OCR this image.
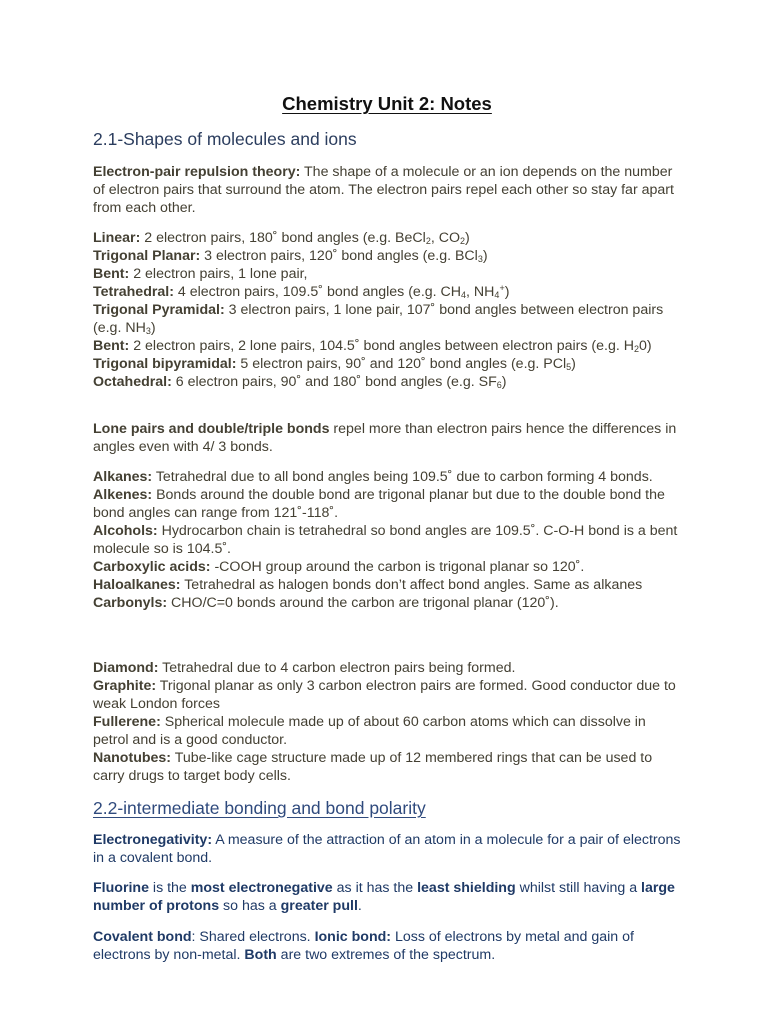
Chemistry Unit 2: Notes
2.1-Shapes of molecules and ions

Electron-pair repulsion theory: The shape of a molecule or an ion depends on the number of electron pairs that surround the atom. The electron pairs repel each other so stay far apart from each other.

Linear: 2 electron pairs, 180˚ bond angles (e.g. BeCl$_2$, $CO_2$)

Trigonal Planar: 3 electron pairs, 120˚ bond angles (e.g. BCl$_3$)

Bent: 2 electron pairs, 1 lone pair,

Tetrahedral: 4 electron pairs, 109.5˚ bond angles (e.g. $CH_4$, $NH_4^+$)

Trigonal Pyramidal: 3 electron pairs, 1 lone pair, 107˚ bond angles between electron pairs (e.g. $NH_3$)

Bent: 2 electron pairs, 2 lone pairs, 104.5˚ bond angles between electron pairs (e.g. $H_20$)

Trigonal bipyramidal: 5 electron pairs, 90˚ and 120˚ bond angles (e.g. PCl$_5$)

Octahedral: 6 electron pairs, 90˚ and 180˚ bond angles (e.g. $SF_6$)

Lone pairs and double/triple bonds repel more than electron pairs hence the differences in angles even with 4/ 3 bonds.

Alkanes: Tetrahedral due to all bond angles being 109.5˚ due to carbon forming 4 bonds.

Alkenes: Bonds around the double bond are trigonal planar but due to the double bond the bond angles can range from 121˚-118˚.

Alcohols: Hydrocarbon chain is tetrahedral so bond angles are 109.5˚. C-O-H bond is a bent molecule so is 104.5˚.

Carboxylic acids: -COOH group around the carbon is trigonal planar so 120˚.

Haloalkanes: Tetrahedral as halogen bonds don’t affect bond angles. Same as alkanes

Carbonyls: CHO/C=0 bonds around the carbon are trigonal planar (120˚).

Diamond: Tetrahedral due to 4 carbon electron pairs being formed.

Graphite: Trigonal planar as only 3 carbon electron pairs are formed. Good conductor due to weak London forces

Fullerene: Spherical molecule made up of about 60 carbon atoms which can dissolve in petrol and is a good conductor.

Nanotubes: Tube-like cage structure made up of 12 membered rings that can be used to carry drugs to target body cells.

2.2-intermediate bonding and bond polarity

Electronegativity: A measure of the attraction of an atom in a molecule for a pair of electrons in a covalent bond.

Fluorine is the most electronegative as it has the least shielding whilst still having a large number of protons so has a greater pull.

Covalent bond: Shared electrons. Ionic bond: Loss of electrons by metal and gain of electrons by non-metal. Both are two extremes of the spectrum.
